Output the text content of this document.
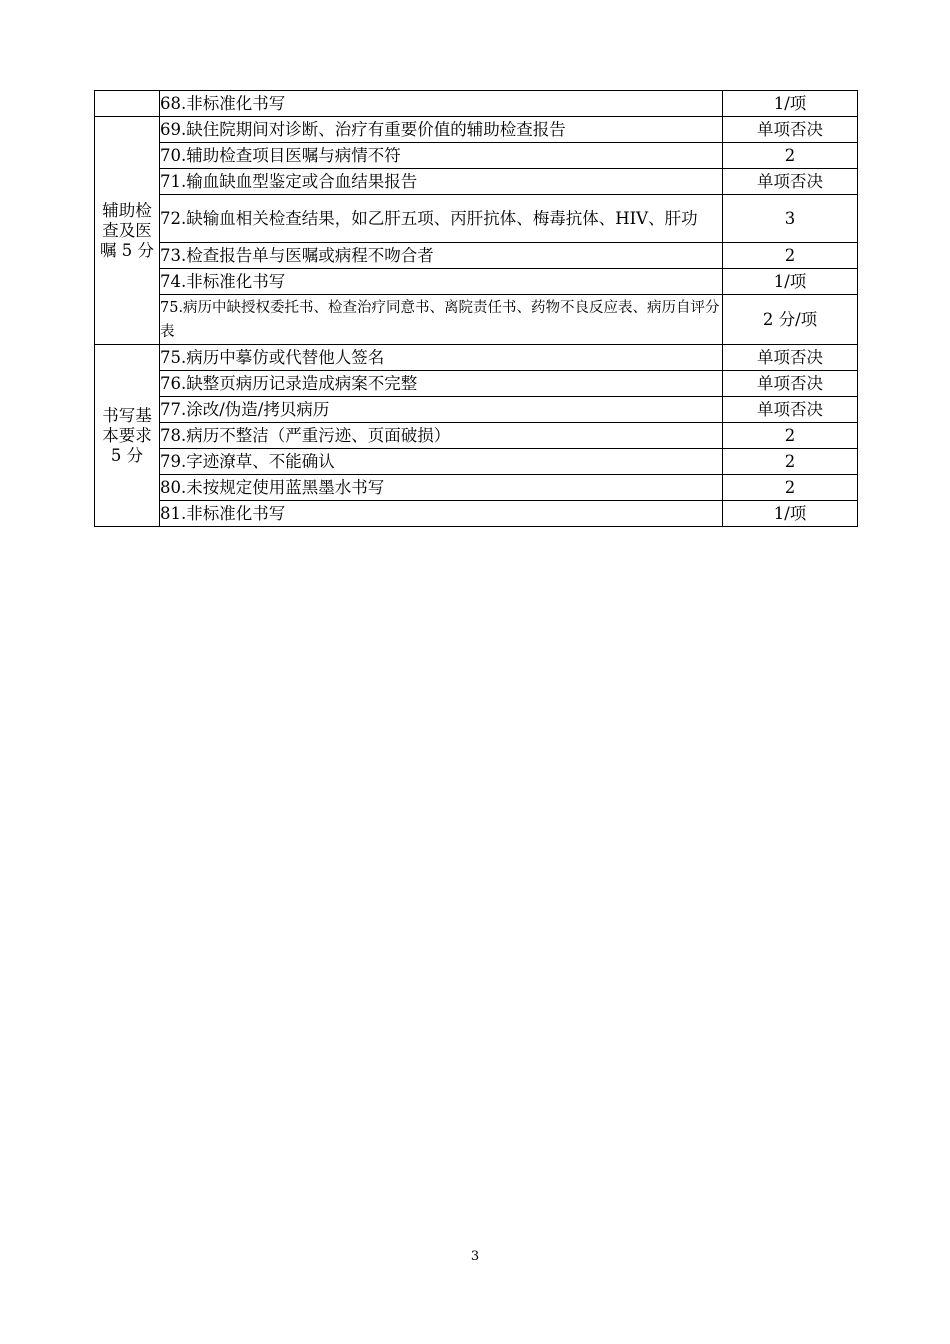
	68.非标准化书写	1/项
辅助检查及医嘱 5 分	69.缺住院期间对诊断、治疗有重要价值的辅助检查报告	单项否决
	70.辅助检查项目医嘱与病情不符	2
	71.输血缺血型鉴定或合血结果报告	单项否决
	72.缺输血相关检查结果，如乙肝五项、丙肝抗体、梅毒抗体、HIV、肝功	3
	73.检查报告单与医嘱或病程不吻合者	2
	74.非标准化书写	1/项
	75.病历中缺授权委托书、检查治疗同意书、离院责任书、药物不良反应表、病历自评分表	2 分/项
书写基本要求 5 分	75.病历中摹仿或代替他人签名	单项否决
	76.缺整页病历记录造成病案不完整	单项否决
	77.涂改/伪造/拷贝病历	单项否决
	78.病历不整洁（严重污迹、页面破损）	2
	79.字迹潦草、不能确认	2
	80.未按规定使用蓝黑墨水书写	2
	81.非标准化书写	1/项
3
